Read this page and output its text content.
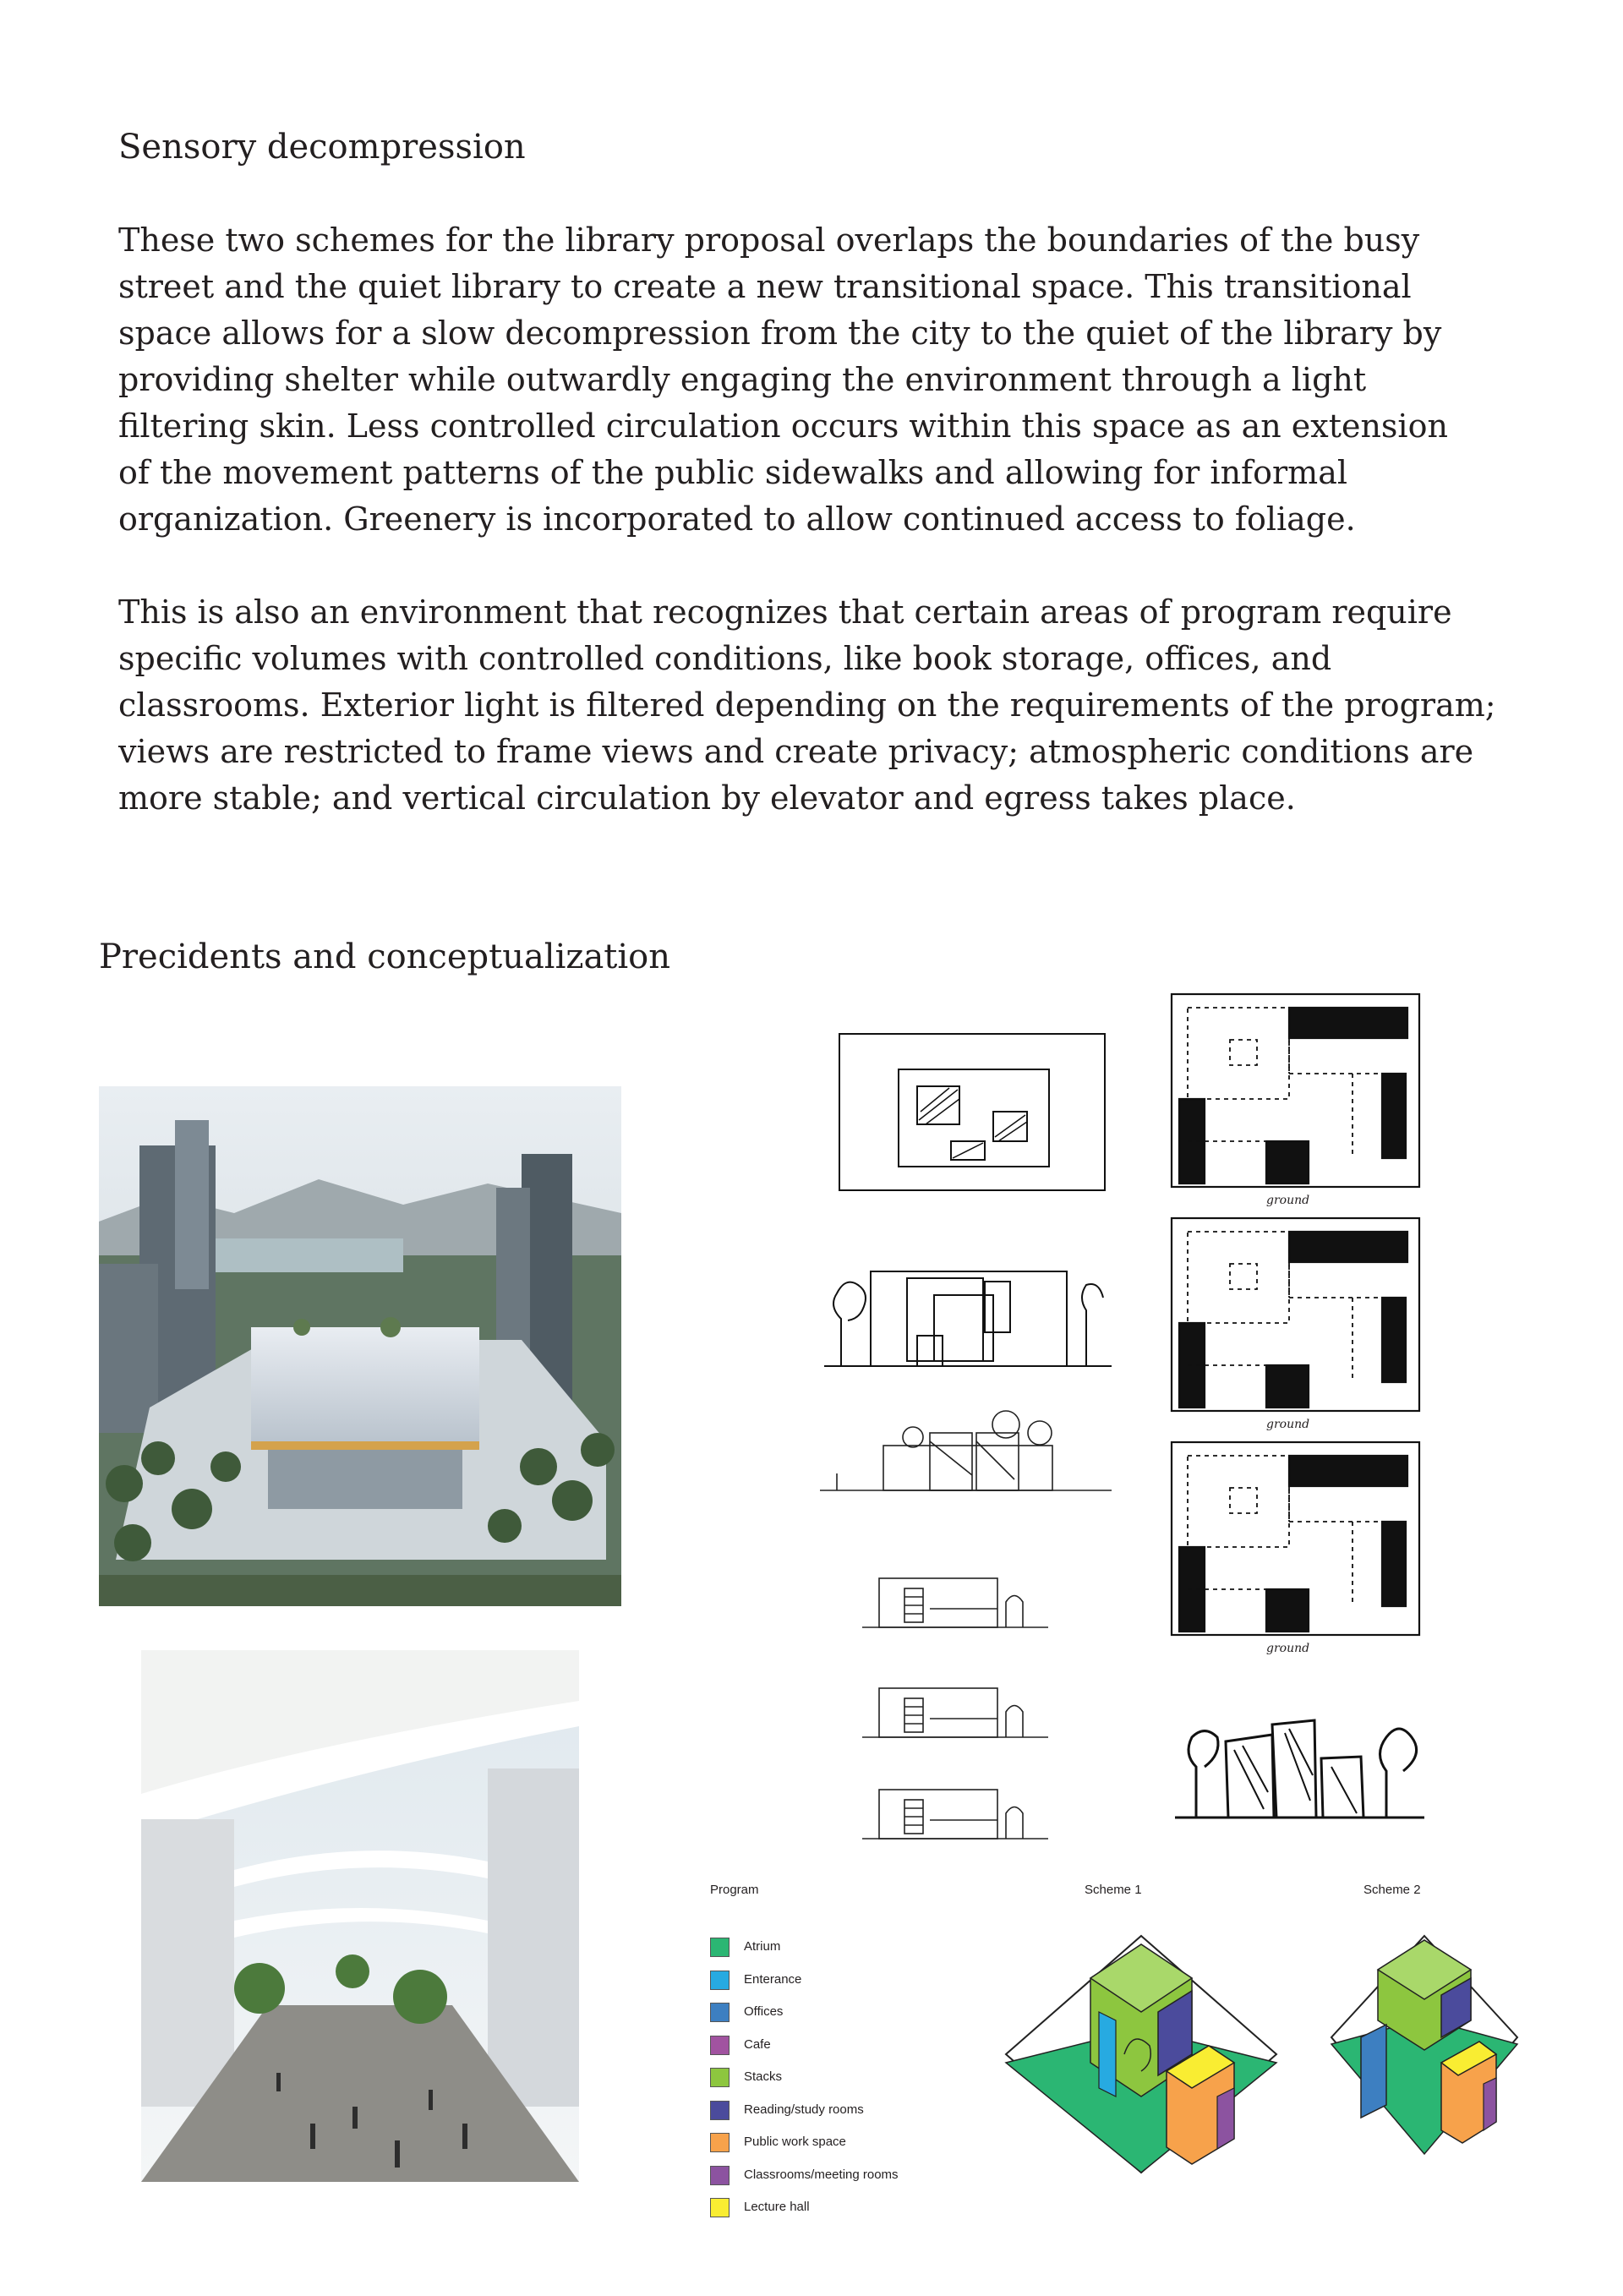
Sensory decompression

These two schemes for the library proposal overlaps the boundaries of the busy street and the quiet library to create a new transitional space. This transitional space allows for a slow decompression from the city to the quiet of the library by providing shelter while outwardly engaging the environment through a light filtering skin. Less controlled circulation occurs within this space as an extension of the movement patterns of the public sidewalks and allowing for informal organization. Greenery is incorporated to allow continued access to foliage.

This is also an environment that recognizes that certain areas of program require specific volumes with controlled conditions, like book storage, offices, and classrooms. Exterior light is filtered depending on the requirements of the program; views are restricted to frame views and create privacy; atmospheric conditions are more stable; and vertical circulation by elevator and egress takes place.

Precidents and conceptualization
ground
ground
ground
Program	Scheme 1	Scheme 2
Atrium
Enterance
Offices
Cafe
Stacks
Reading/study rooms
Public work space
Classrooms/meeting rooms
Lecture hall
